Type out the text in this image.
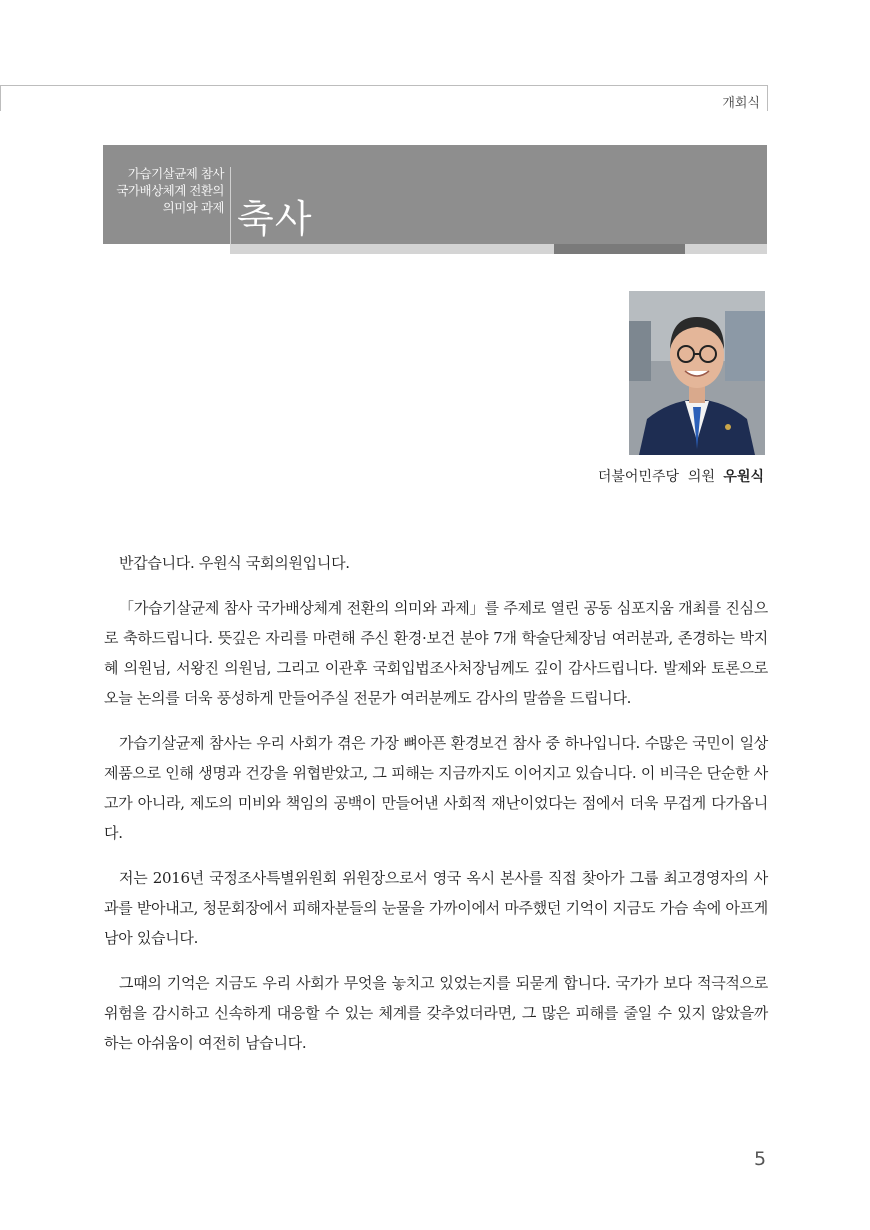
개회식
가습기살균제 참사
국가배상체계 전환의
의미와 과제 축사
더불어민주당  의원 우원식

반갑습니다. 우원식 국회의원입니다.

「가습기살균제 참사 국가배상체계 전환의 의미와 과제」를 주제로 열린 공동 심포지움 개최를 진심으로 축하드립니다. 뜻깊은 자리를 마련해 주신 환경·보건 분야 7개 학술단체장님 여러분과, 존경하는 박지혜 의원님, 서왕진 의원님, 그리고 이관후 국회입법조사처장님께도 깊이 감사드립니다. 발제와 토론으로 오늘 논의를 더욱 풍성하게 만들어주실 전문가 여러분께도 감사의 말씀을 드립니다.

가습기살균제 참사는 우리 사회가 겪은 가장 뼈아픈 환경보건 참사 중 하나입니다. 수많은 국민이 일상 제품으로 인해 생명과 건강을 위협받았고, 그 피해는 지금까지도 이어지고 있습니다. 이 비극은 단순한 사고가 아니라, 제도의 미비와 책임의 공백이 만들어낸 사회적 재난이었다는 점에서 더욱 무겁게 다가옵니다.

저는 2016년 국정조사특별위원회 위원장으로서 영국 옥시 본사를 직접 찾아가 그룹 최고경영자의 사과를 받아내고, 청문회장에서 피해자분들의 눈물을 가까이에서 마주했던 기억이 지금도 가슴 속에 아프게 남아 있습니다.

그때의 기억은 지금도 우리 사회가 무엇을 놓치고 있었는지를 되묻게 합니다. 국가가 보다 적극적으로 위험을 감시하고 신속하게 대응할 수 있는 체계를 갖추었더라면, 그 많은 피해를 줄일 수 있지 않았을까 하는 아쉬움이 여전히 남습니다.

5
